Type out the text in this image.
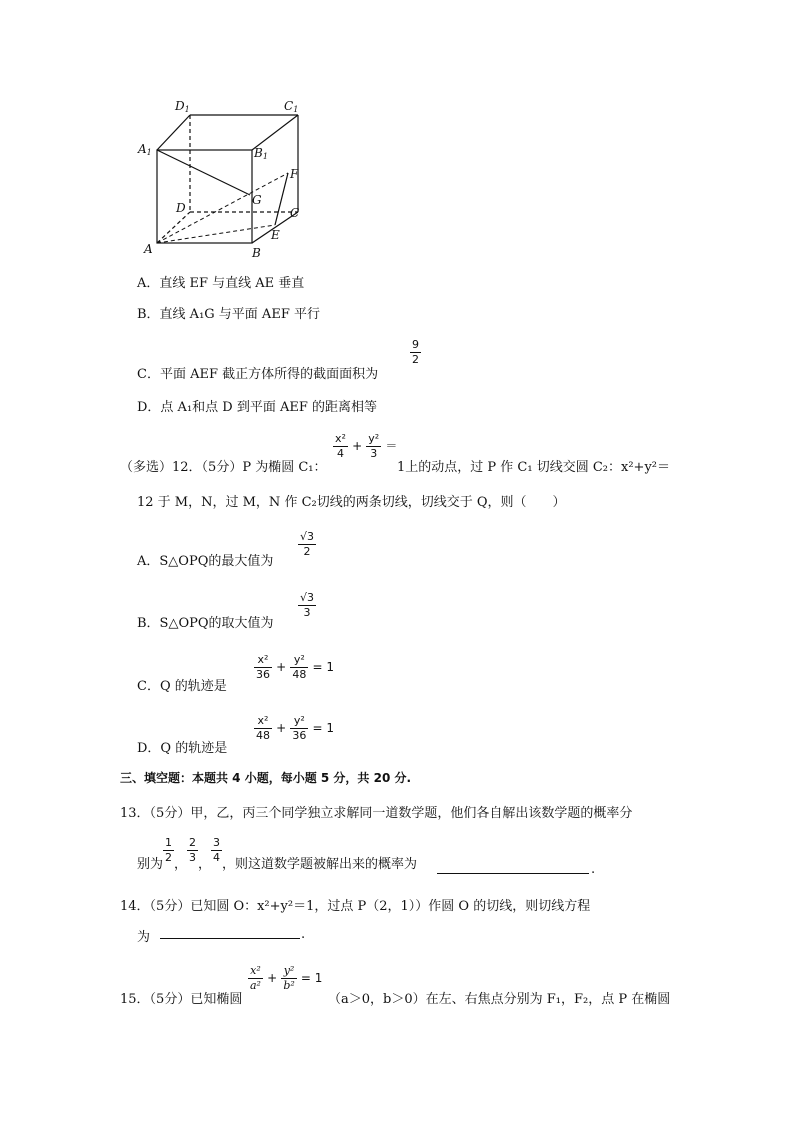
D1	C1
A1	B1
F
G
D	C
E
A	B
A．直线 EF 与直线 AE 垂直
B．直线 A₁G 与平面 AEF 平行
$\frac{9}{2}$
C．平面 AEF 截正方体所得的截面面积为
D．点 A₁和点 D 到平面 AEF 的距离相等
（多选）12．（5分）P 为椭圆 C₁：
$\frac{\text{x²}}{4} + \frac{\text{y²}}{3}$ ＝
1上的动点，过 P 作 C₁ 切线交圆 C₂：x²+y²＝
12 于 M，N，过 M，N 作 C₂切线的两条切线，切线交于 Q，则（　　）
$\frac{√3}{2}$
A．S△OPQ的最大值为
$\frac{√3}{3}$
B．S△OPQ的取大值为
C．Q 的轨迹是
$\frac{\text{x²}}{36} + \frac{\text{y²}}{48} = 1$
D．Q 的轨迹是
$\frac{\text{x²}}{48} + \frac{\text{y²}}{36} = 1$
三、填空题：本题共 4 小题，每小题 5 分，共 20 分.
13．（5分）甲，乙，丙三个同学独立求解同一道数学题，他们各自解出该数学题的概率分
别为 $\frac{1}{2}$ ， $\frac{2}{3}$ ， $\frac{3}{4}$ ，则这道数学题被解出来的概率为	.
14．（5分）已知圆 O：x²+y²＝1，过点 P（2，1））作圆 O 的切线，则切线方程
为	.
15．（5分）已知椭圆
$\frac{\text{x²}}{\text{a²}} + \frac{\text{y²}}{\text{b²}} = 1$
（a＞0，b＞0）在左、右焦点分别为 F₁，F₂，点 P 在椭圆
